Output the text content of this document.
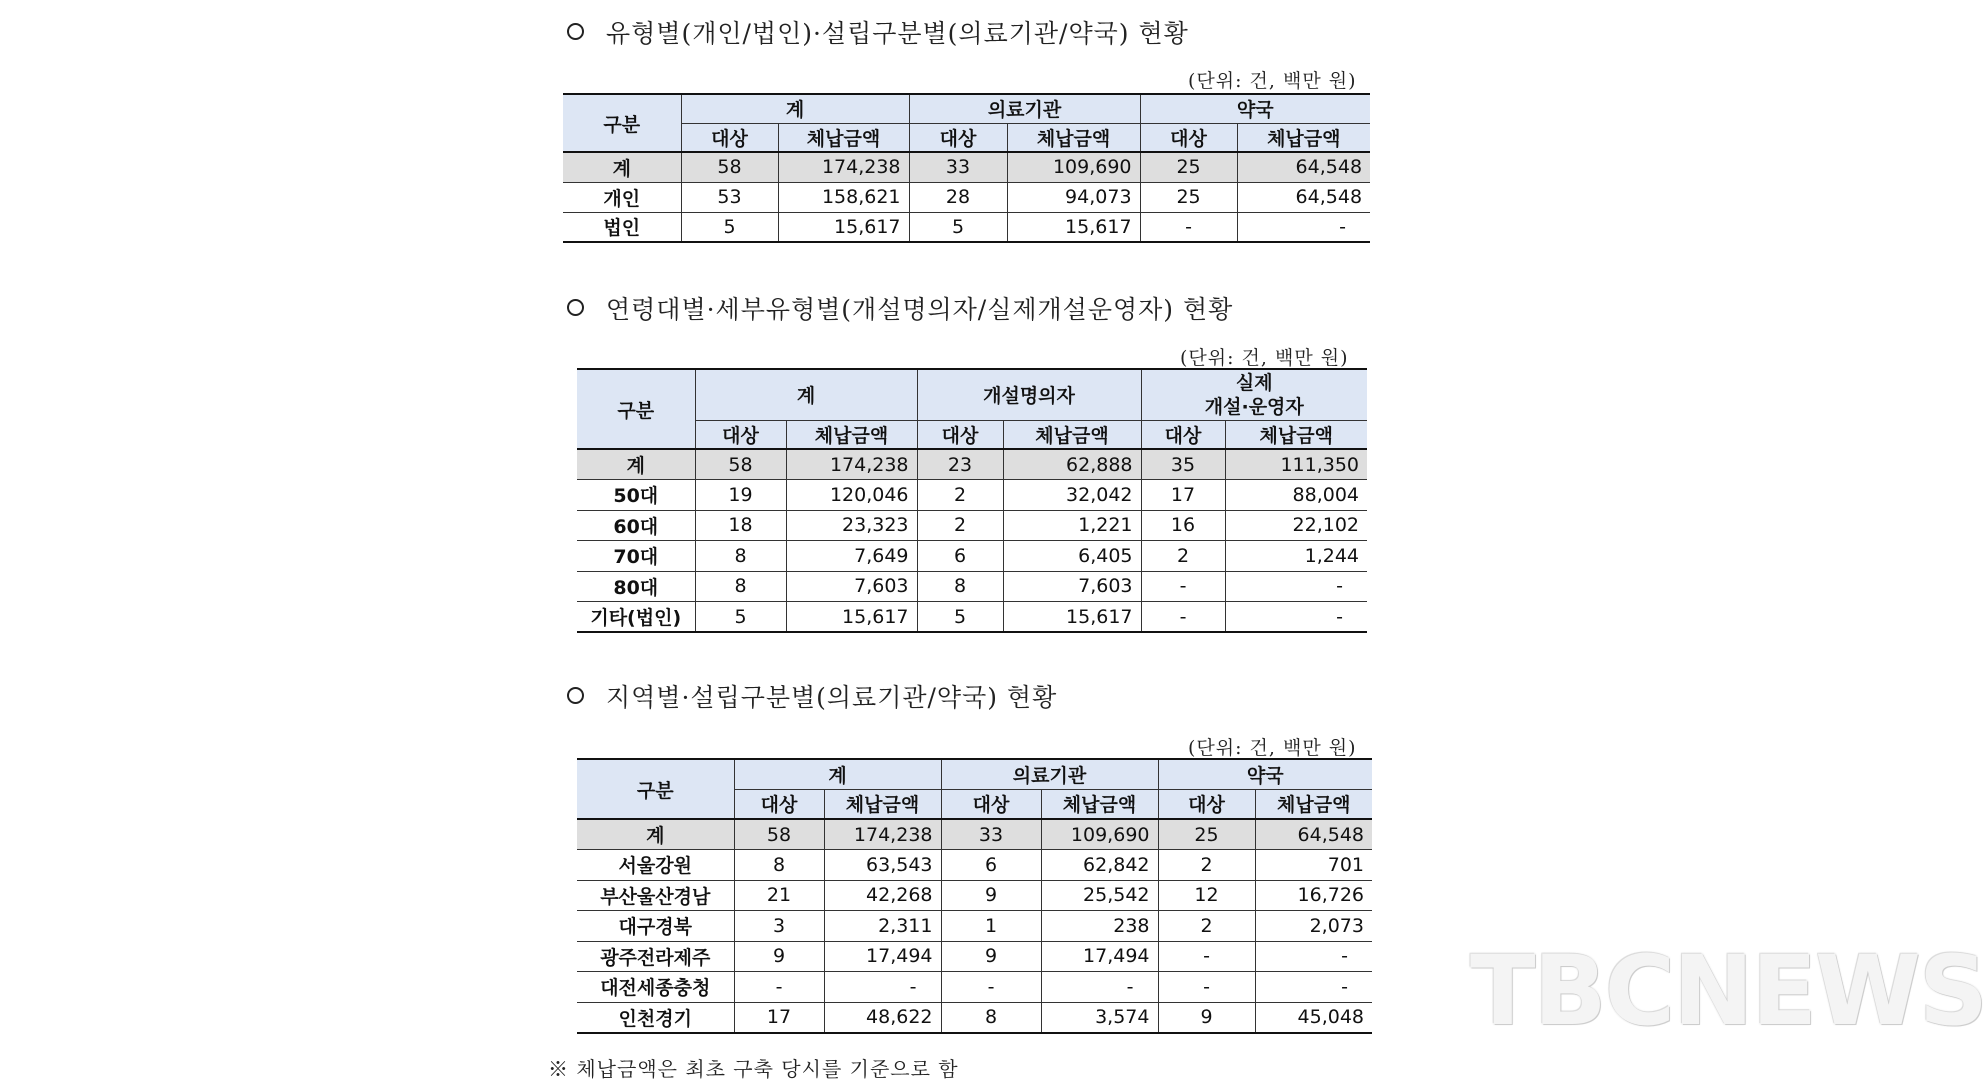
유형별(개인/법인)·설립구분별(의료기관/약국) 현황
(단위: 건, 백만 원)
구분	계		의료기관		약국	
	대상	체납금액	대상	체납금액	대상	체납금액
계	58	174,238	33	109,690	25	64,548
개인	53	158,621	28	94,073	25	64,548
법인	5	15,617	5	15,617	-	-
연령대별·세부유형별(개설명의자/실제개설운영자) 현황
(단위: 건, 백만 원)
구분	계		개설명의자		실제
개설·운영자	

	대상	체납금액	대상	체납금액	대상	체납금액
계	58	174,238	23	62,888	35	111,350
50대	19	120,046	2	32,042	17	88,004
60대	18	23,323	2	1,221	16	22,102
70대	8	7,649	6	6,405	2	1,244
80대	8	7,603	8	7,603	-	-
기타(법인)	5	15,617	5	15,617	-	-
지역별·설립구분별(의료기관/약국) 현황
(단위: 건, 백만 원)
구분	계		의료기관		약국	
	대상	체납금액	대상	체납금액	대상	체납금액
계	58	174,238	33	109,690	25	64,548
서울강원	8	63,543	6	62,842	2	701
부산울산경남	21	42,268	9	25,542	12	16,726
대구경북	3	2,311	1	238	2	2,073
광주전라제주	9	17,494	9	17,494	-	-
대전세종충청	-	-	-	-	-	-
인천경기	17	48,622	8	3,574	9	45,048
※ 체납금액은 최초 구축 당시를 기준으로 함
TBCNEWS
